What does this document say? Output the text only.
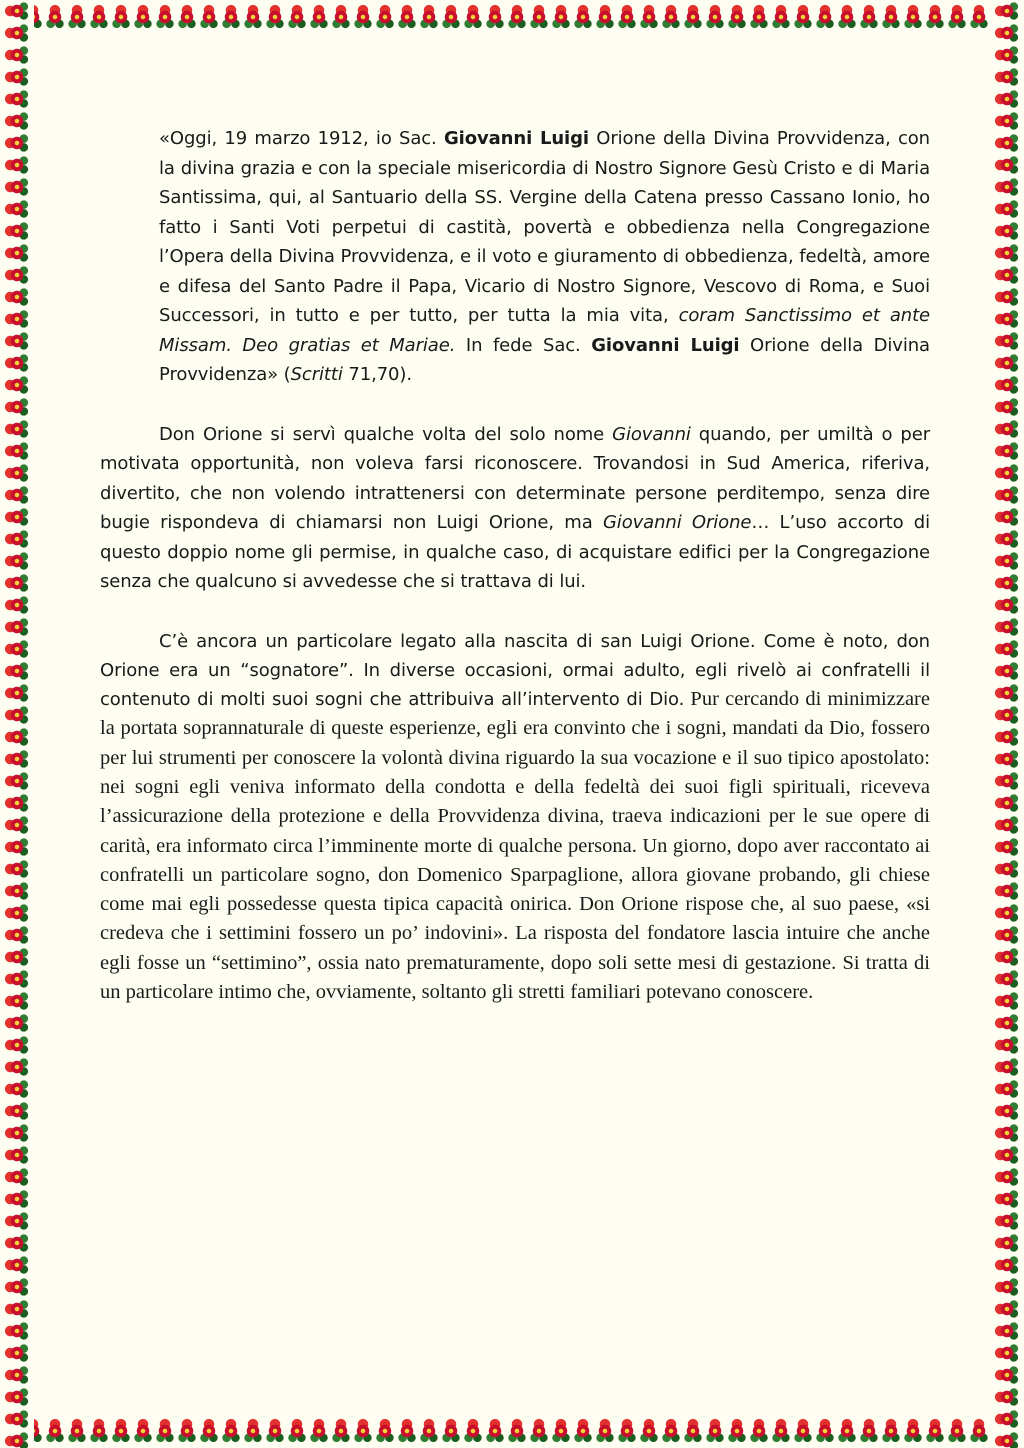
«Oggi, 19 marzo 1912, io Sac. Giovanni Luigi Orione della Divina Provvidenza, con la divina grazia e con la speciale misericordia di Nostro Signore Gesù Cristo e di Maria Santissima, qui, al Santuario della SS. Vergine della Catena presso Cassano Ionio, ho fatto i Santi Voti perpetui di castità, povertà e obbedienza nella Congregazione l’Opera della Divina Provvidenza, e il voto e giuramento di obbedienza, fedeltà, amore e difesa del Santo Padre il Papa, Vicario di Nostro Signore, Vescovo di Roma, e Suoi Successori, in tutto e per tutto, per tutta la mia vita, coram Sanctissimo et ante Missam. Deo gratias et Mariae. In fede Sac. Giovanni Luigi Orione della Divina Provvidenza» (Scritti 71,70).

Don Orione si servì qualche volta del solo nome Giovanni quando, per umiltà o per motivata opportunità, non voleva farsi riconoscere. Trovandosi in Sud America, riferiva, divertito, che non volendo intrattenersi con determinate persone perditempo, senza dire bugie rispondeva di chiamarsi non Luigi Orione, ma Giovanni Orione… L’uso accorto di questo doppio nome gli permise, in qualche caso, di acquistare edifici per la Congregazione senza che qualcuno si avvedesse che si trattava di lui.

C’è ancora un particolare legato alla nascita di san Luigi Orione. Come è noto, don Orione era un “sognatore”. In diverse occasioni, ormai adulto, egli rivelò ai confratelli il contenuto di molti suoi sogni che attribuiva all’intervento di Dio. Pur cercando di minimizzare la portata soprannaturale di queste esperienze, egli era convinto che i sogni, mandati da Dio, fossero per lui strumenti per conoscere la volontà divina riguardo la sua vocazione e il suo tipico apostolato: nei sogni egli veniva informato della condotta e della fedeltà dei suoi figli spirituali, riceveva l’assicurazione della protezione e della Provvidenza divina, traeva indicazioni per le sue opere di carità, era informato circa l’imminente morte di qualche persona. Un giorno, dopo aver raccontato ai confratelli un particolare sogno, don Domenico Sparpaglione, allora giovane probando, gli chiese come mai egli possedesse questa tipica capacità onirica. Don Orione rispose che, al suo paese, «si credeva che i settimini fossero un po’ indovini». La risposta del fondatore lascia intuire che anche egli fosse un “settimino”, ossia nato prematuramente, dopo soli sette mesi di gestazione. Si tratta di un particolare intimo che, ovviamente, soltanto gli stretti familiari potevano conoscere.
